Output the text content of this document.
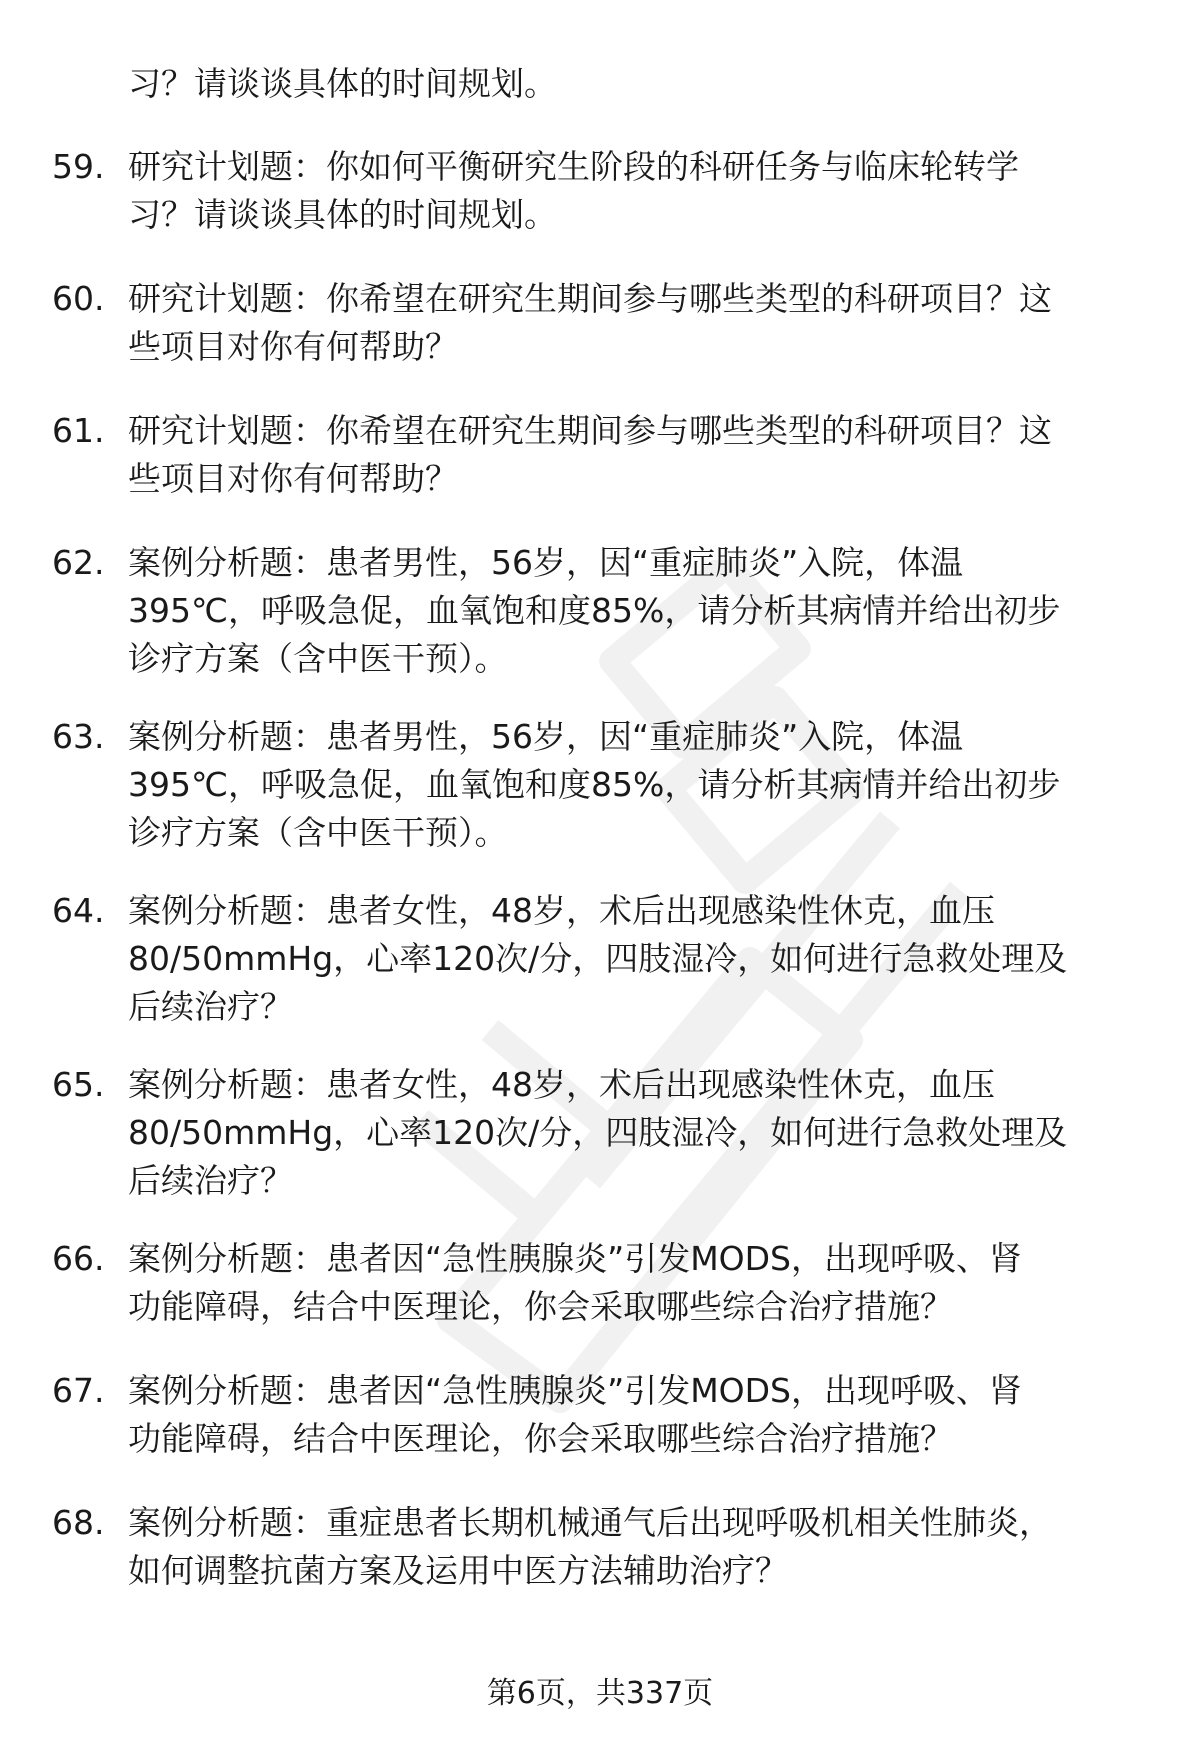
习？请谈谈具体的时间规划。
59. 研究计划题：你如何平衡研究生阶段的科研任务与临床轮转学
习？请谈谈具体的时间规划。
60. 研究计划题：你希望在研究生期间参与哪些类型的科研项目？这
些项目对你有何帮助？
61. 研究计划题：你希望在研究生期间参与哪些类型的科研项目？这
些项目对你有何帮助？
62. 案例分析题：患者男性，56岁，因“重症肺炎”入院，体温
395℃，呼吸急促，血氧饱和度85%，请分析其病情并给出初步
诊疗方案（含中医干预）。
63. 案例分析题：患者男性，56岁，因“重症肺炎”入院，体温
395℃，呼吸急促，血氧饱和度85%，请分析其病情并给出初步
诊疗方案（含中医干预）。
64. 案例分析题：患者女性，48岁，术后出现感染性休克，血压
80/50mmHg，心率120次/分，四肢湿冷，如何进行急救处理及
后续治疗？
65. 案例分析题：患者女性，48岁，术后出现感染性休克，血压
80/50mmHg，心率120次/分，四肢湿冷，如何进行急救处理及
后续治疗？
66. 案例分析题：患者因“急性胰腺炎”引发MODS，出现呼吸、肾
功能障碍，结合中医理论，你会采取哪些综合治疗措施？
67. 案例分析题：患者因“急性胰腺炎”引发MODS，出现呼吸、肾
功能障碍，结合中医理论，你会采取哪些综合治疗措施？
68. 案例分析题：重症患者长期机械通气后出现呼吸机相关性肺炎，
如何调整抗菌方案及运用中医方法辅助治疗？
第6页，共337页
